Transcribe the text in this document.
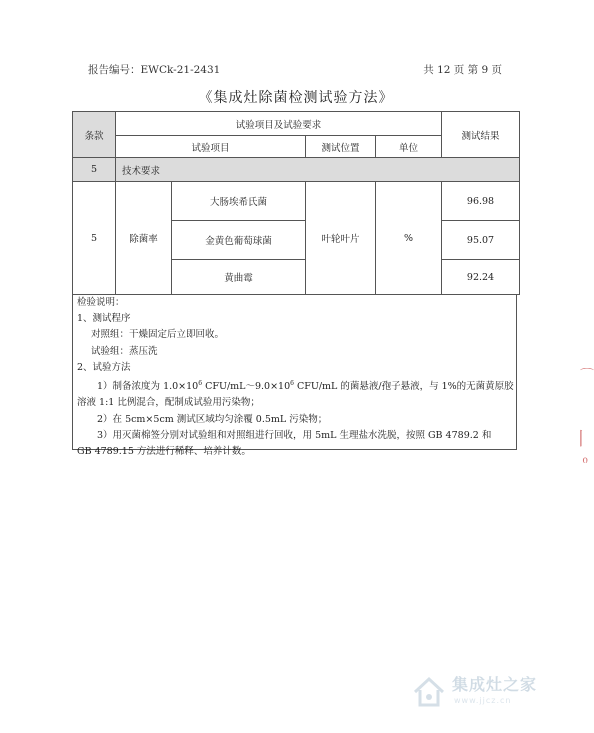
报告编号：EWCk-21-2431	共 12 页 第 9 页
《集成灶除菌检测试验方法》
条款	试验项目及试验要求				测试结果
	试验项目		测试位置	单位	
5	技术要求				
5	除菌率	大肠埃希氏菌	叶轮叶片	%	96.98
		金黄色葡萄球菌			95.07
		黄曲霉			92.24
检验说明：
1、测试程序
对照组：干燥固定后立即回收。
试验组：蒸压洗
2、试验方法
1）制备浓度为 $1.0\times 10^6$ CFU/$mL\sim 9.0\times 10^6$ CFU/mL 的菌悬液/孢子悬液，与 1%的无菌黄原胶
溶液 1:1 比例混合，配制成试验用污染物；
2）在 5cm×5cm 测试区域均匀涂覆 0.5mL 污染物；
3）用灭菌棉签分别对试验组和对照组进行回收，用 5mL 生理盐水洗脱，按照 GB 4789.2 和
GB 4789.15 方法进行稀释、培养计数。
⌒
丨
ი
集成灶之家
www.jjcz.cn
